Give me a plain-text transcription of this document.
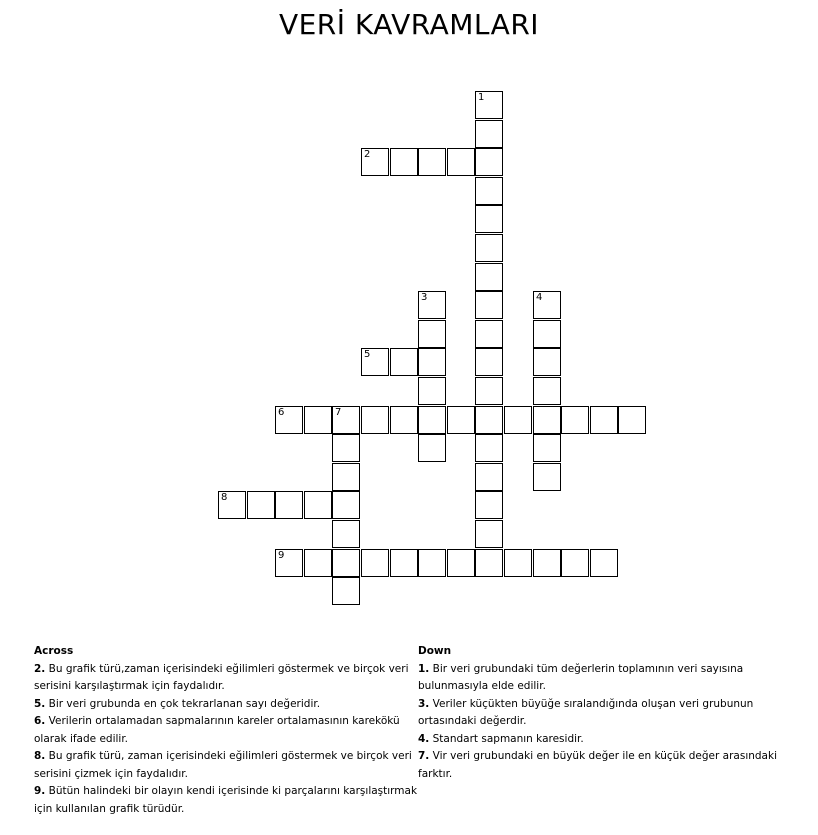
VERİ KAVRAMLARI
1
2
3	4
5
6	7
8
9
Across

2. Bu grafik türü,zaman içerisindeki eğilimleri göstermek ve birçok veri serisini karşılaştırmak için faydalıdır.

5. Bir veri grubunda en çok tekrarlanan sayı değeridir.

6. Verilerin ortalamadan sapmalarının kareler ortalamasının karekökü olarak ifade edilir.

8. Bu grafik türü, zaman içerisindeki eğilimleri göstermek ve birçok veri serisini çizmek için faydalıdır.

9. Bütün halindeki bir olayın kendi içerisinde ki parçalarını karşılaştırmak için kullanılan grafik türüdür.

Down

1. Bir veri grubundaki tüm değerlerin toplamının veri sayısına bulunmasıyla elde edilir.

3. Veriler küçükten büyüğe sıralandığında oluşan veri grubunun ortasındaki değerdir.

4. Standart sapmanın karesidir.

7. Vir veri grubundaki en büyük değer ile en küçük değer arasındaki farktır.
